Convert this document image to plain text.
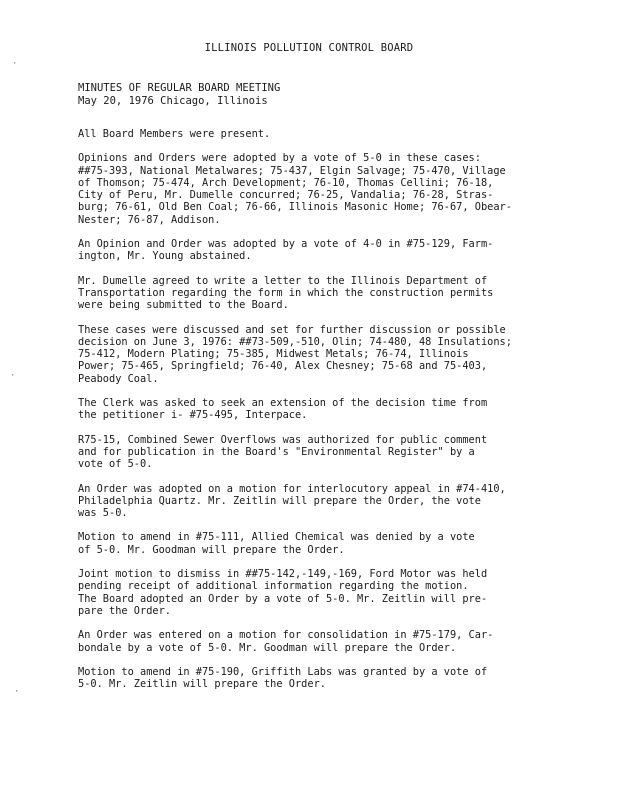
·
·
·
ILLINOIS POLLUTION CONTROL BOARD
MINUTES OF REGULAR BOARD MEETING
May 20, 1976 Chicago, Illinois

All Board Members were present.

Opinions and Orders were adopted by a vote of 5-0 in these cases:
##75-393, National Metalwares; 75-437, Elgin Salvage; 75-470, Village
of Thomson; 75-474, Arch Development; 76-10, Thomas Cellini; 76-18,
City of Peru, Mr. Dumelle concurred; 76-25, Vandalia; 76-28, Stras-
burg; 76-61, Old Ben Coal; 76-66, Illinois Masonic Home; 76-67, Obear-
Nester; 76-87, Addison.

An Opinion and Order was adopted by a vote of 4-0 in #75-129, Farm-
ington, Mr. Young abstained.

Mr. Dumelle agreed to write a letter to the Illinois Department of
Transportation regarding the form in which the construction permits
were being submitted to the Board.

These cases were discussed and set for further discussion or possible
decision on June 3, 1976: ##73-509,-510, Olin; 74-480, 48 Insulations;
75-412, Modern Plating; 75-385, Midwest Metals; 76-74, Illinois
Power; 75-465, Springfield; 76-40, Alex Chesney; 75-68 and 75-403,
Peabody Coal.

The Clerk was asked to seek an extension of the decision time from
the petitioner i- #75-495, Interpace.

R75-15, Combined Sewer Overflows was authorized for public comment
and for publication in the Board's "Environmental Register" by a
vote of 5-0.

An Order was adopted on a motion for interlocutory appeal in #74-410,
Philadelphia Quartz. Mr. Zeitlin will prepare the Order, the vote
was 5-0.

Motion to amend in #75-111, Allied Chemical was denied by a vote
of 5-0. Mr. Goodman will prepare the Order.

Joint motion to dismiss in ##75-142,-149,-169, Ford Motor was held
pending receipt of additional information regarding the motion.
The Board adopted an Order by a vote of 5-0. Mr. Zeitlin will pre-
pare the Order.

An Order was entered on a motion for consolidation in #75-179, Car-
bondale by a vote of 5-0. Mr. Goodman will prepare the Order.

Motion to amend in #75-190, Griffith Labs was granted by a vote of
5-0. Mr. Zeitlin will prepare the Order.
